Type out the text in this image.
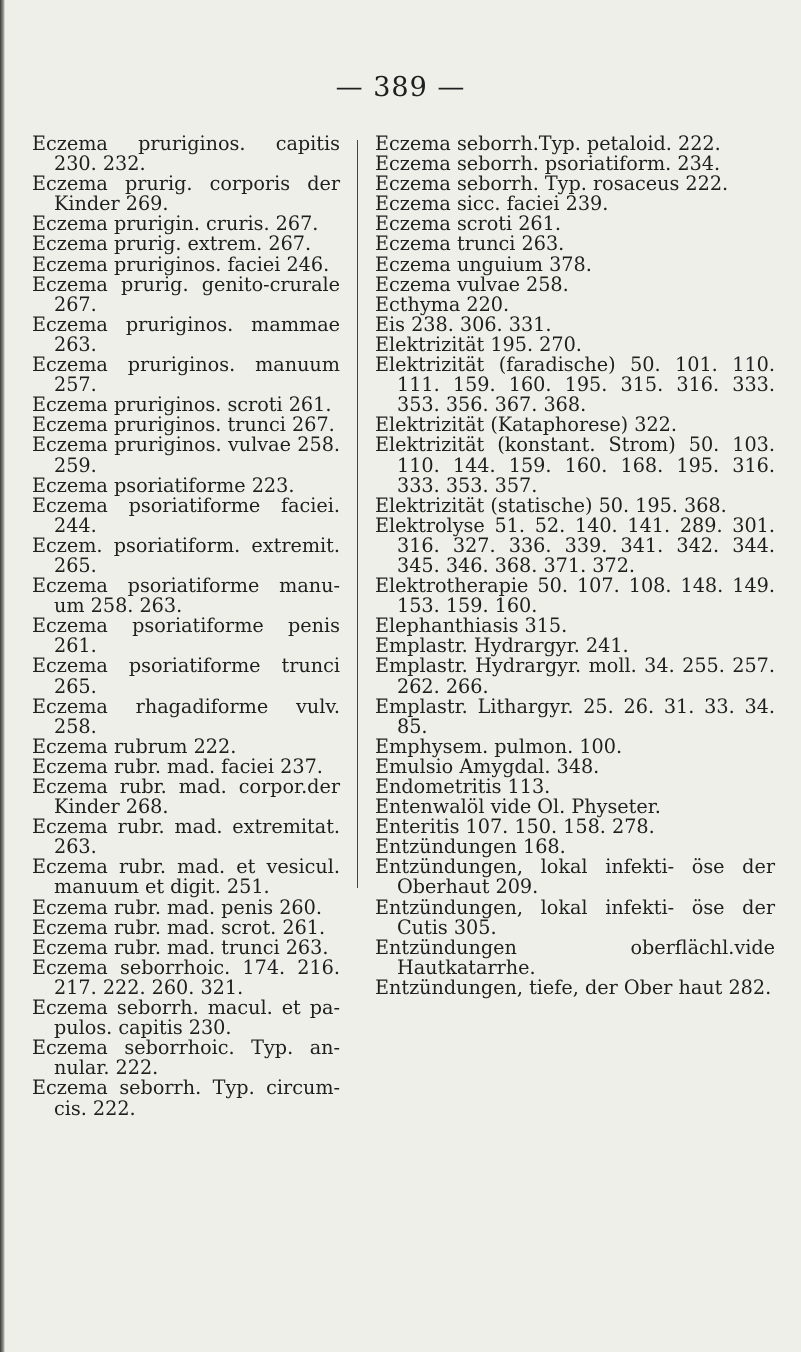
— 389 —
Eczema pruriginos. capitis 230. 232.
Eczema prurig. corporis der Kinder 269.
Eczema prurigin. cruris. 267.
Eczema prurig. extrem. 267.
Eczema pruriginos. faciei 246.
Eczema prurig. genito-crurale 267.
Eczema pruriginos. mammae 263.
Eczema pruriginos. manuum 257.
Eczema pruriginos. scroti 261.
Eczema pruriginos. trunci 267.
Eczema pruriginos. vulvae 258. 259.
Eczema psoriatiforme 223.
Eczema psoriatiforme faciei. 244.
Eczem. psoriatiform. extremit. 265.
Eczema psoriatiforme manu- um 258. 263.
Eczema psoriatiforme penis 261.
Eczema psoriatiforme trunci 265.
Eczema rhagadiforme vulv. 258.
Eczema rubrum 222.
Eczema rubr. mad. faciei 237.
Eczema rubr. mad. corpor.der Kinder 268.
Eczema rubr. mad. extremitat. 263.
Eczema rubr. mad. et vesicul. manuum et digit. 251.
Eczema rubr. mad. penis 260.
Eczema rubr. mad. scrot. 261.
Eczema rubr. mad. trunci 263.
Eczema seborrhoic. 174. 216. 217. 222. 260. 321.
Eczema seborrh. macul. et pa- pulos. capitis 230.
Eczema seborrhoic. Typ. an- nular. 222.
Eczema seborrh. Typ. circum- cis. 222.
Eczema seborrh.Typ. petaloid. 222.
Eczema seborrh. psoriatiform. 234.
Eczema seborrh. Typ. rosaceus 222.
Eczema sicc. faciei 239.
Eczema scroti 261.
Eczema trunci 263.
Eczema unguium 378.
Eczema vulvae 258.
Ecthyma 220.
Eis 238. 306. 331.
Elektrizität 195. 270.
Elektrizität (faradische) 50. 101. 110. 111. 159. 160. 195. 315. 316. 333. 353. 356. 367. 368.
Elektrizität (Kataphorese) 322.
Elektrizität (konstant. Strom) 50. 103. 110. 144. 159. 160. 168. 195. 316. 333. 353. 357.
Elektrizität (statische) 50. 195. 368.
Elektrolyse 51. 52. 140. 141. 289. 301. 316. 327. 336. 339. 341. 342. 344. 345. 346. 368. 371. 372.
Elektrotherapie 50. 107. 108. 148. 149. 153. 159. 160.
Elephanthiasis 315.
Emplastr. Hydrargyr. 241.
Emplastr. Hydrargyr. moll. 34. 255. 257. 262. 266.
Emplastr. Lithargyr. 25. 26. 31. 33. 34. 85.
Emphysem. pulmon. 100.
Emulsio Amygdal. 348.
Endometritis 113.
Entenwalöl vide Ol. Physeter.
Enteritis 107. 150. 158. 278.
Entzündungen 168.
Entzündungen, lokal infekti- öse der Oberhaut 209.
Entzündungen, lokal infekti- öse der Cutis 305.
Entzündungen oberflächl.vide Hautkatarrhe.
Entzündungen, tiefe, der Ober haut 282.
